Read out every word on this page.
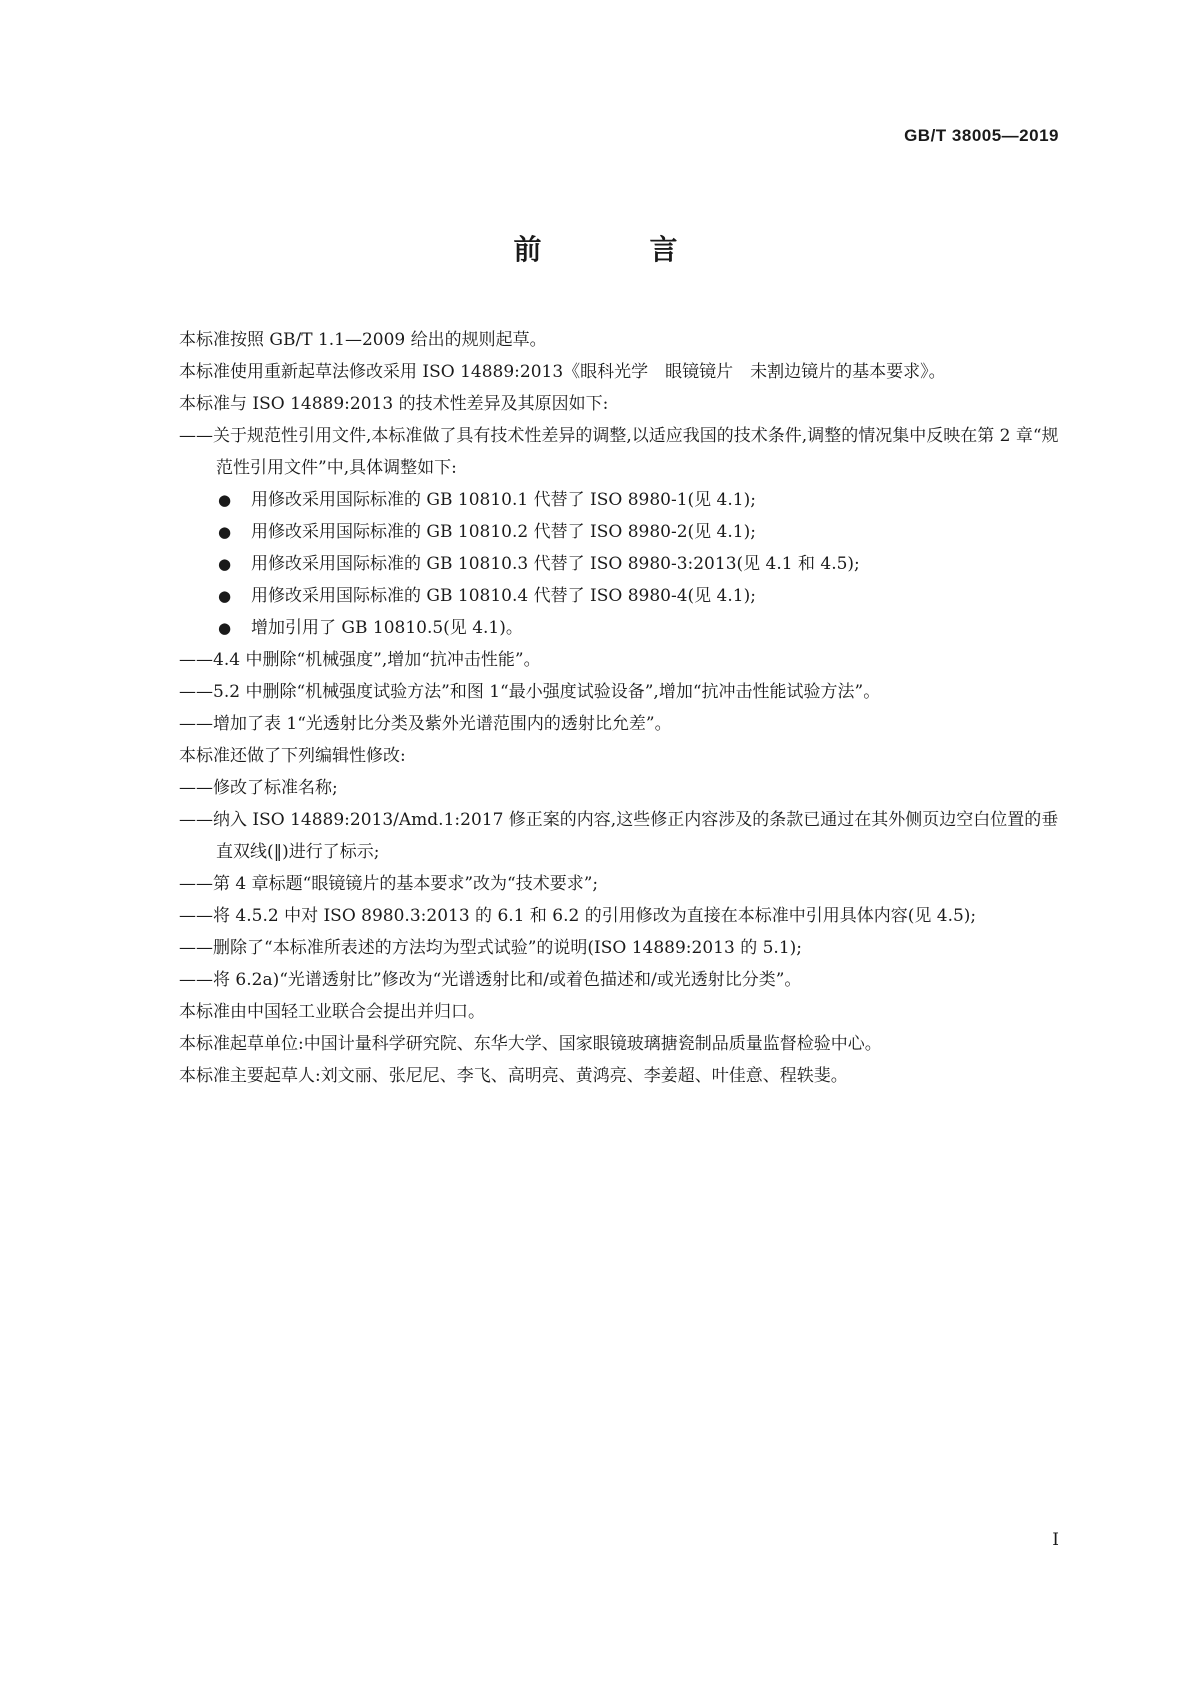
GB/T 38005—2019
前　言

本标准按照 GB/T 1.1—2009 给出的规则起草。

本标准使用重新起草法修改采用 ISO 14889:2013《眼科光学　眼镜镜片　未割边镜片的基本要求》。

本标准与 ISO 14889:2013 的技术性差异及其原因如下:

——关于规范性引用文件,本标准做了具有技术性差异的调整,以适应我国的技术条件,调整的情况集中反映在第 2 章“规范性引用文件”中,具体调整如下:

● 用修改采用国际标准的 GB 10810.1 代替了 ISO 8980-1(见 4.1);

● 用修改采用国际标准的 GB 10810.2 代替了 ISO 8980-2(见 4.1);

● 用修改采用国际标准的 GB 10810.3 代替了 ISO 8980-3:2013(见 4.1 和 4.5);

● 用修改采用国际标准的 GB 10810.4 代替了 ISO 8980-4(见 4.1);

● 增加引用了 GB 10810.5(见 4.1)。

——4.4 中删除“机械强度”,增加“抗冲击性能”。

——5.2 中删除“机械强度试验方法”和图 1“最小强度试验设备”,增加“抗冲击性能试验方法”。

——增加了表 1“光透射比分类及紫外光谱范围内的透射比允差”。

本标准还做了下列编辑性修改:

——修改了标准名称;

——纳入 ISO 14889:2013/Amd.1:2017 修正案的内容,这些修正内容涉及的条款已通过在其外侧页边空白位置的垂直双线(‖)进行了标示;

——第 4 章标题“眼镜镜片的基本要求”改为“技术要求”;

——将 4.5.2 中对 ISO 8980.3:2013 的 6.1 和 6.2 的引用修改为直接在本标准中引用具体内容(见 4.5);

——删除了“本标准所表述的方法均为型式试验”的说明(ISO 14889:2013 的 5.1);

——将 6.2a)“光谱透射比”修改为“光谱透射比和/或着色描述和/或光透射比分类”。

本标准由中国轻工业联合会提出并归口。

本标准起草单位:中国计量科学研究院、东华大学、国家眼镜玻璃搪瓷制品质量监督检验中心。

本标准主要起草人:刘文丽、张尼尼、李飞、高明亮、黄鸿亮、李姜超、叶佳意、程轶斐。

I
